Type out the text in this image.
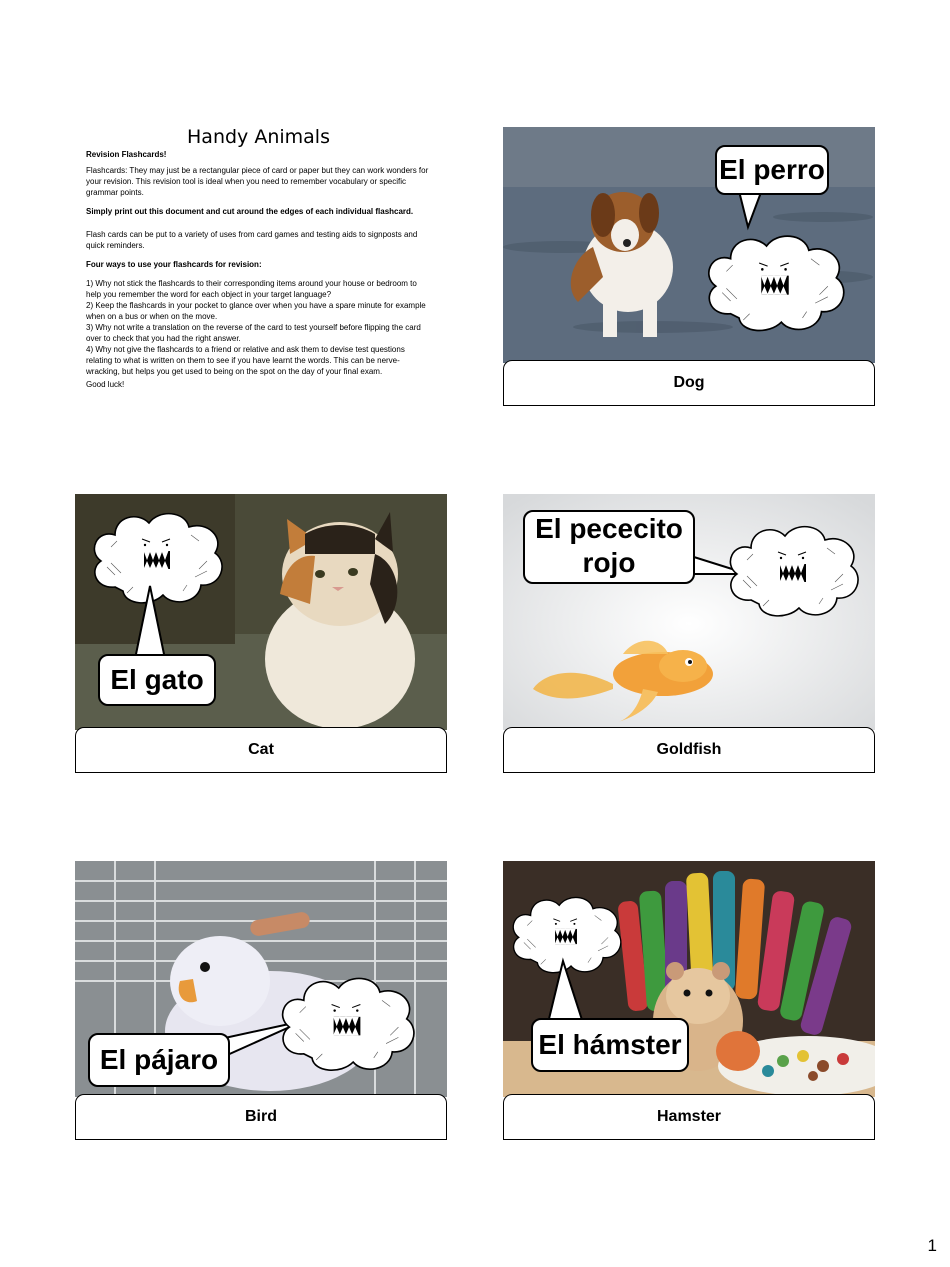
Handy Animals
Revision Flashcards!

Flashcards: They may just be a rectangular piece of card or paper but they can work wonders for your revision. This revision tool is ideal when you need to remember vocabulary or specific grammar points.

Simply print out this document and cut around the edges of each individual flashcard.

Flash cards can be put to a variety of uses from card games and testing aids to signposts and quick reminders.

Four ways to use your flashcards for revision:

1) Why not stick the flashcards to their corresponding items around your house or bedroom to help you remember the word for each object in your target language?
2) Keep the flashcards in your pocket to glance over when you have a spare minute for example when on a bus or when on the move.
3) Why not write a translation on the reverse of the card to test yourself before flipping the card over to check that you had the right answer.
4) Why not give the flashcards to a friend or relative and ask them to devise test questions relating to what is written on them to see if you have learnt the words. This can be nerve-wracking, but helps you get used to being on the spot on the day of your final exam.

Good luck!

El perro
Dog
El gato
Cat
El pececito
rojo
Goldfish
El pájaro
Bird
El hámster
Hamster
1
